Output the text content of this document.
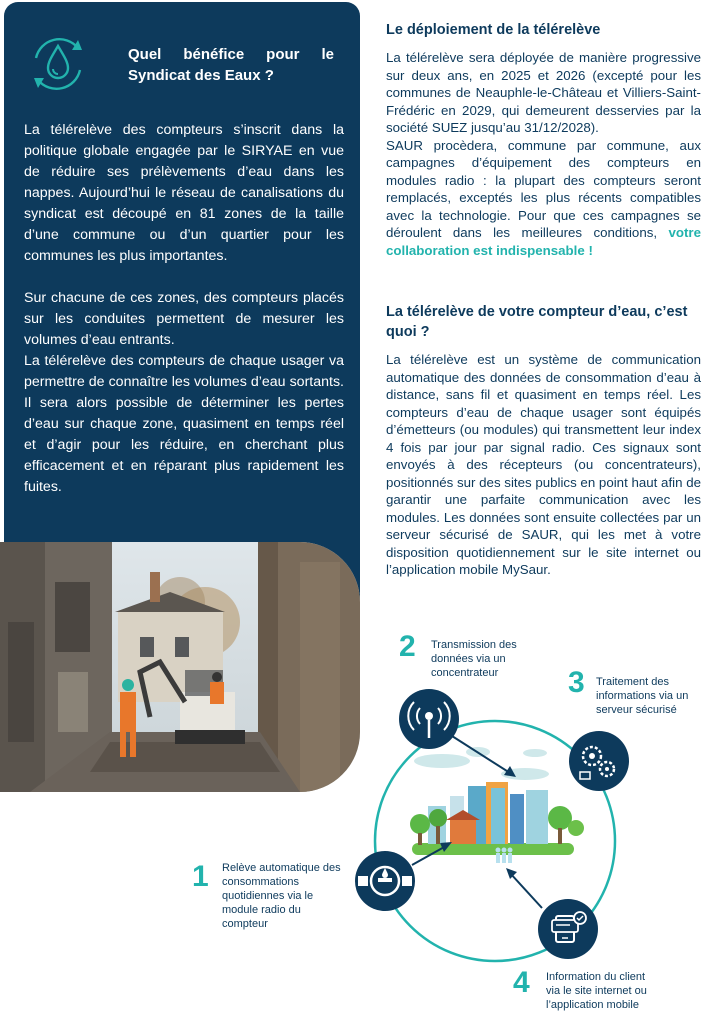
Quel bénéfice pour le Syndicat des Eaux ?

La télérelève des compteurs s’inscrit dans la politique globale engagée par le SIRYAE en vue de réduire ses prélèvements d’eau dans les nappes. Aujourd’hui le réseau de canalisations du syndicat est découpé en 81 zones de la taille d’une commune ou d’un quartier pour les communes les plus importantes.

Sur chacune de ces zones, des compteurs placés sur les conduites permettent de mesurer les volumes d’eau entrants.

La télérelève des compteurs de chaque usager va permettre de connaître les volumes d’eau sortants. Il sera alors possible de déterminer les pertes d’eau sur chaque zone, quasiment en temps réel et d’agir pour les réduire, en cherchant plus efficacement et en réparant plus rapidement les fuites.

Le déploiement de la télérelève
La télérelève sera déployée de manière progressive sur deux ans, en 2025 et 2026 (excepté pour les communes de Neauphle-le-Château et Villiers-Saint-Frédéric en 2029, qui demeurent desservies par la société SUEZ jusqu’au 31/12/2028).
SAUR procèdera, commune par commune, aux campagnes d’équipement des compteurs en modules radio : la plupart des compteurs seront remplacés, exceptés les plus récents compatibles avec la technologie. Pour que ces campagnes se déroulent dans les meilleures conditions, votre collaboration est indispensable !
La télérelève de votre compteur d’eau, c’est quoi ?
La télérelève est un système de communication automatique des données de consommation d’eau à distance, sans fil et quasiment en temps réel. Les compteurs d’eau de chaque usager sont équipés d’émetteurs (ou modules) qui transmettent leur index 4 fois par jour par signal radio. Ces signaux sont envoyés à des récepteurs (ou concentrateurs), positionnés sur des sites publics en point haut afin de garantir une parfaite communication avec les modules. Les données sont ensuite collectées par un serveur sécurisé de SAUR, qui les met à votre disposition quotidiennement sur le site internet ou l’application mobile MySaur.
2 Transmission des données via un concentrateur	3 Traitement des informations via un serveur sécurisé
1 Relève automatique des consommations quotidiennes via le module radio du compteur
4 Information du client via le site internet ou l’application mobile
